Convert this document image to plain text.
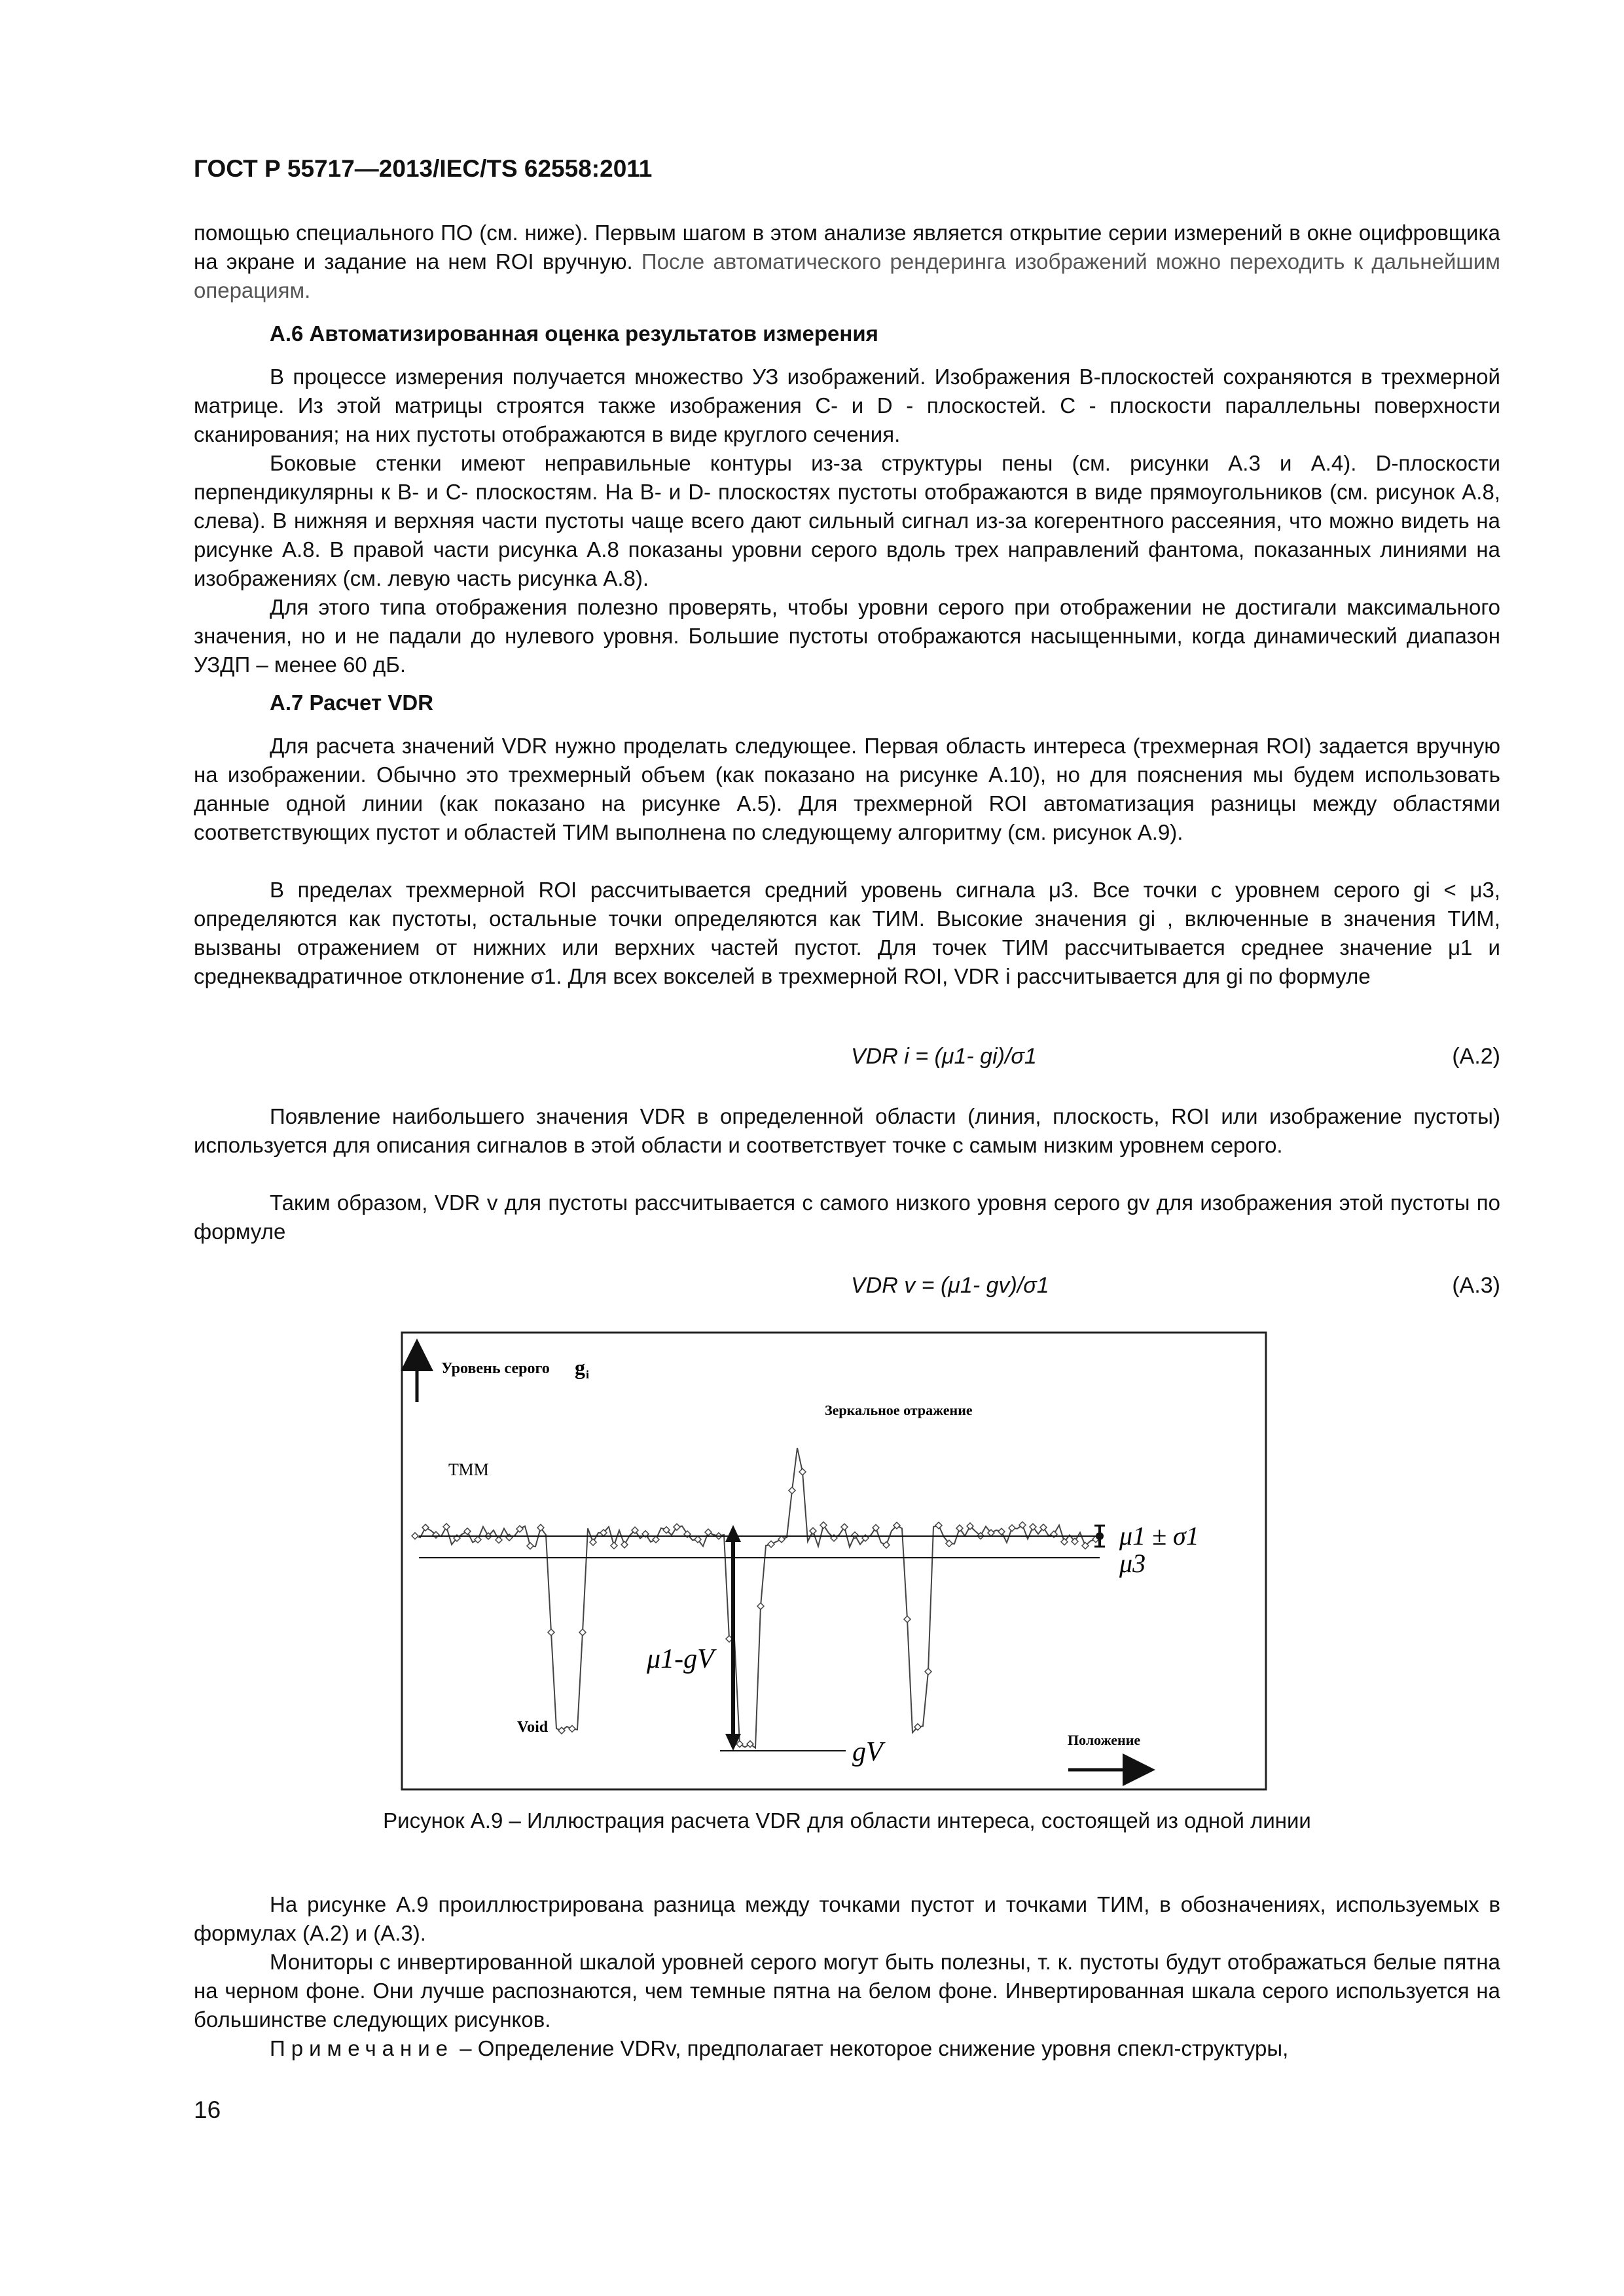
ГОСТ Р 55717—2013/IEC/TS 62558:2011

помощью специального ПО (см. ниже). Первым шагом в этом анализе является открытие серии измерений в окне оцифровщика на экране и задание на нем ROI вручную. После автоматического рендеринга изображений можно переходить к дальнейшим операциям.

А.6 Автоматизированная оценка результатов измерения

В процессе измерения получается множество УЗ изображений. Изображения B-плоскостей сохраняются в трехмерной матрице. Из этой матрицы строятся также изображения C- и D - плоскостей. C - плоскости параллельны поверхности сканирования; на них пустоты отображаются в виде круглого сечения.

Боковые стенки имеют неправильные контуры из-за структуры пены (см. рисунки А.3 и А.4). D-плоскости перпендикулярны к B- и C- плоскостям. На B- и D- плоскостях пустоты отображаются в виде прямоугольников (см. рисунок А.8, слева). В нижняя и верхняя части пустоты чаще всего дают сильный сигнал из-за когерентного рассеяния, что можно видеть на рисунке А.8. В правой части рисунка А.8 показаны уровни серого вдоль трех направлений фантома, показанных линиями на изображениях (см. левую часть рисунка А.8).

Для этого типа отображения полезно проверять, чтобы уровни серого при отображении не достигали максимального значения, но и не падали до нулевого уровня. Большие пустоты отображаются насыщенными, когда динамический диапазон УЗДП – менее 60 дБ.

А.7 Расчет VDR

Для расчета значений VDR нужно проделать следующее. Первая область интереса (трехмерная ROI) задается вручную на изображении. Обычно это трехмерный объем (как показано на рисунке А.10), но для пояснения мы будем использовать данные одной линии (как показано на рисунке А.5). Для трехмерной ROI автоматизация разницы между областями соответствующих пустот и областей ТИМ выполнена по следующему алгоритму (см. рисунок А.9).

В пределах трехмерной ROI рассчитывается средний уровень сигнала μ3. Все точки с уровнем серого gi < μ3, определяются как пустоты, остальные точки определяются как ТИМ. Высокие значения gi , включенные в значения ТИМ, вызваны отражением от нижних или верхних частей пустот. Для точек ТИМ рассчитывается среднее значение μ1 и среднеквадратичное отклонение σ1. Для всех вокселей в трехмерной ROI, VDR i рассчитывается для gi по формуле

VDR i = (μ1- gi)/σ1	(А.2)

Появление наибольшего значения VDR в определенной области (линия, плоскость, ROI или изображение пустоты) используется для описания сигналов в этой области и соответствует точке с самым низким уровнем серого.

Таким образом, VDR v для пустоты рассчитывается с самого низкого уровня серого gv для изображения этой пустоты по формуле

VDR v = (μ1- gv)/σ1	(А.3)
Уровень серого g i
ТММ
Зеркальное отражение
μ1 ± σ1
μ3
μ1-gV
gV
Void
Положение
Рисунок А.9 – Иллюстрация расчета VDR для области интереса, состоящей из одной линии

На рисунке А.9 проиллюстрирована разница между точками пустот и точками ТИМ, в обозначениях, используемых в формулах (А.2) и (А.3).

Мониторы с инвертированной шкалой уровней серого могут быть полезны, т. к. пустоты будут отображаться белые пятна на черном фоне. Они лучше распознаются, чем темные пятна на белом фоне. Инвертированная шкала серого используется на большинстве следующих рисунков.

Примечание – Определение VDRv, предполагает некоторое снижение уровня спекл-структуры,

16
